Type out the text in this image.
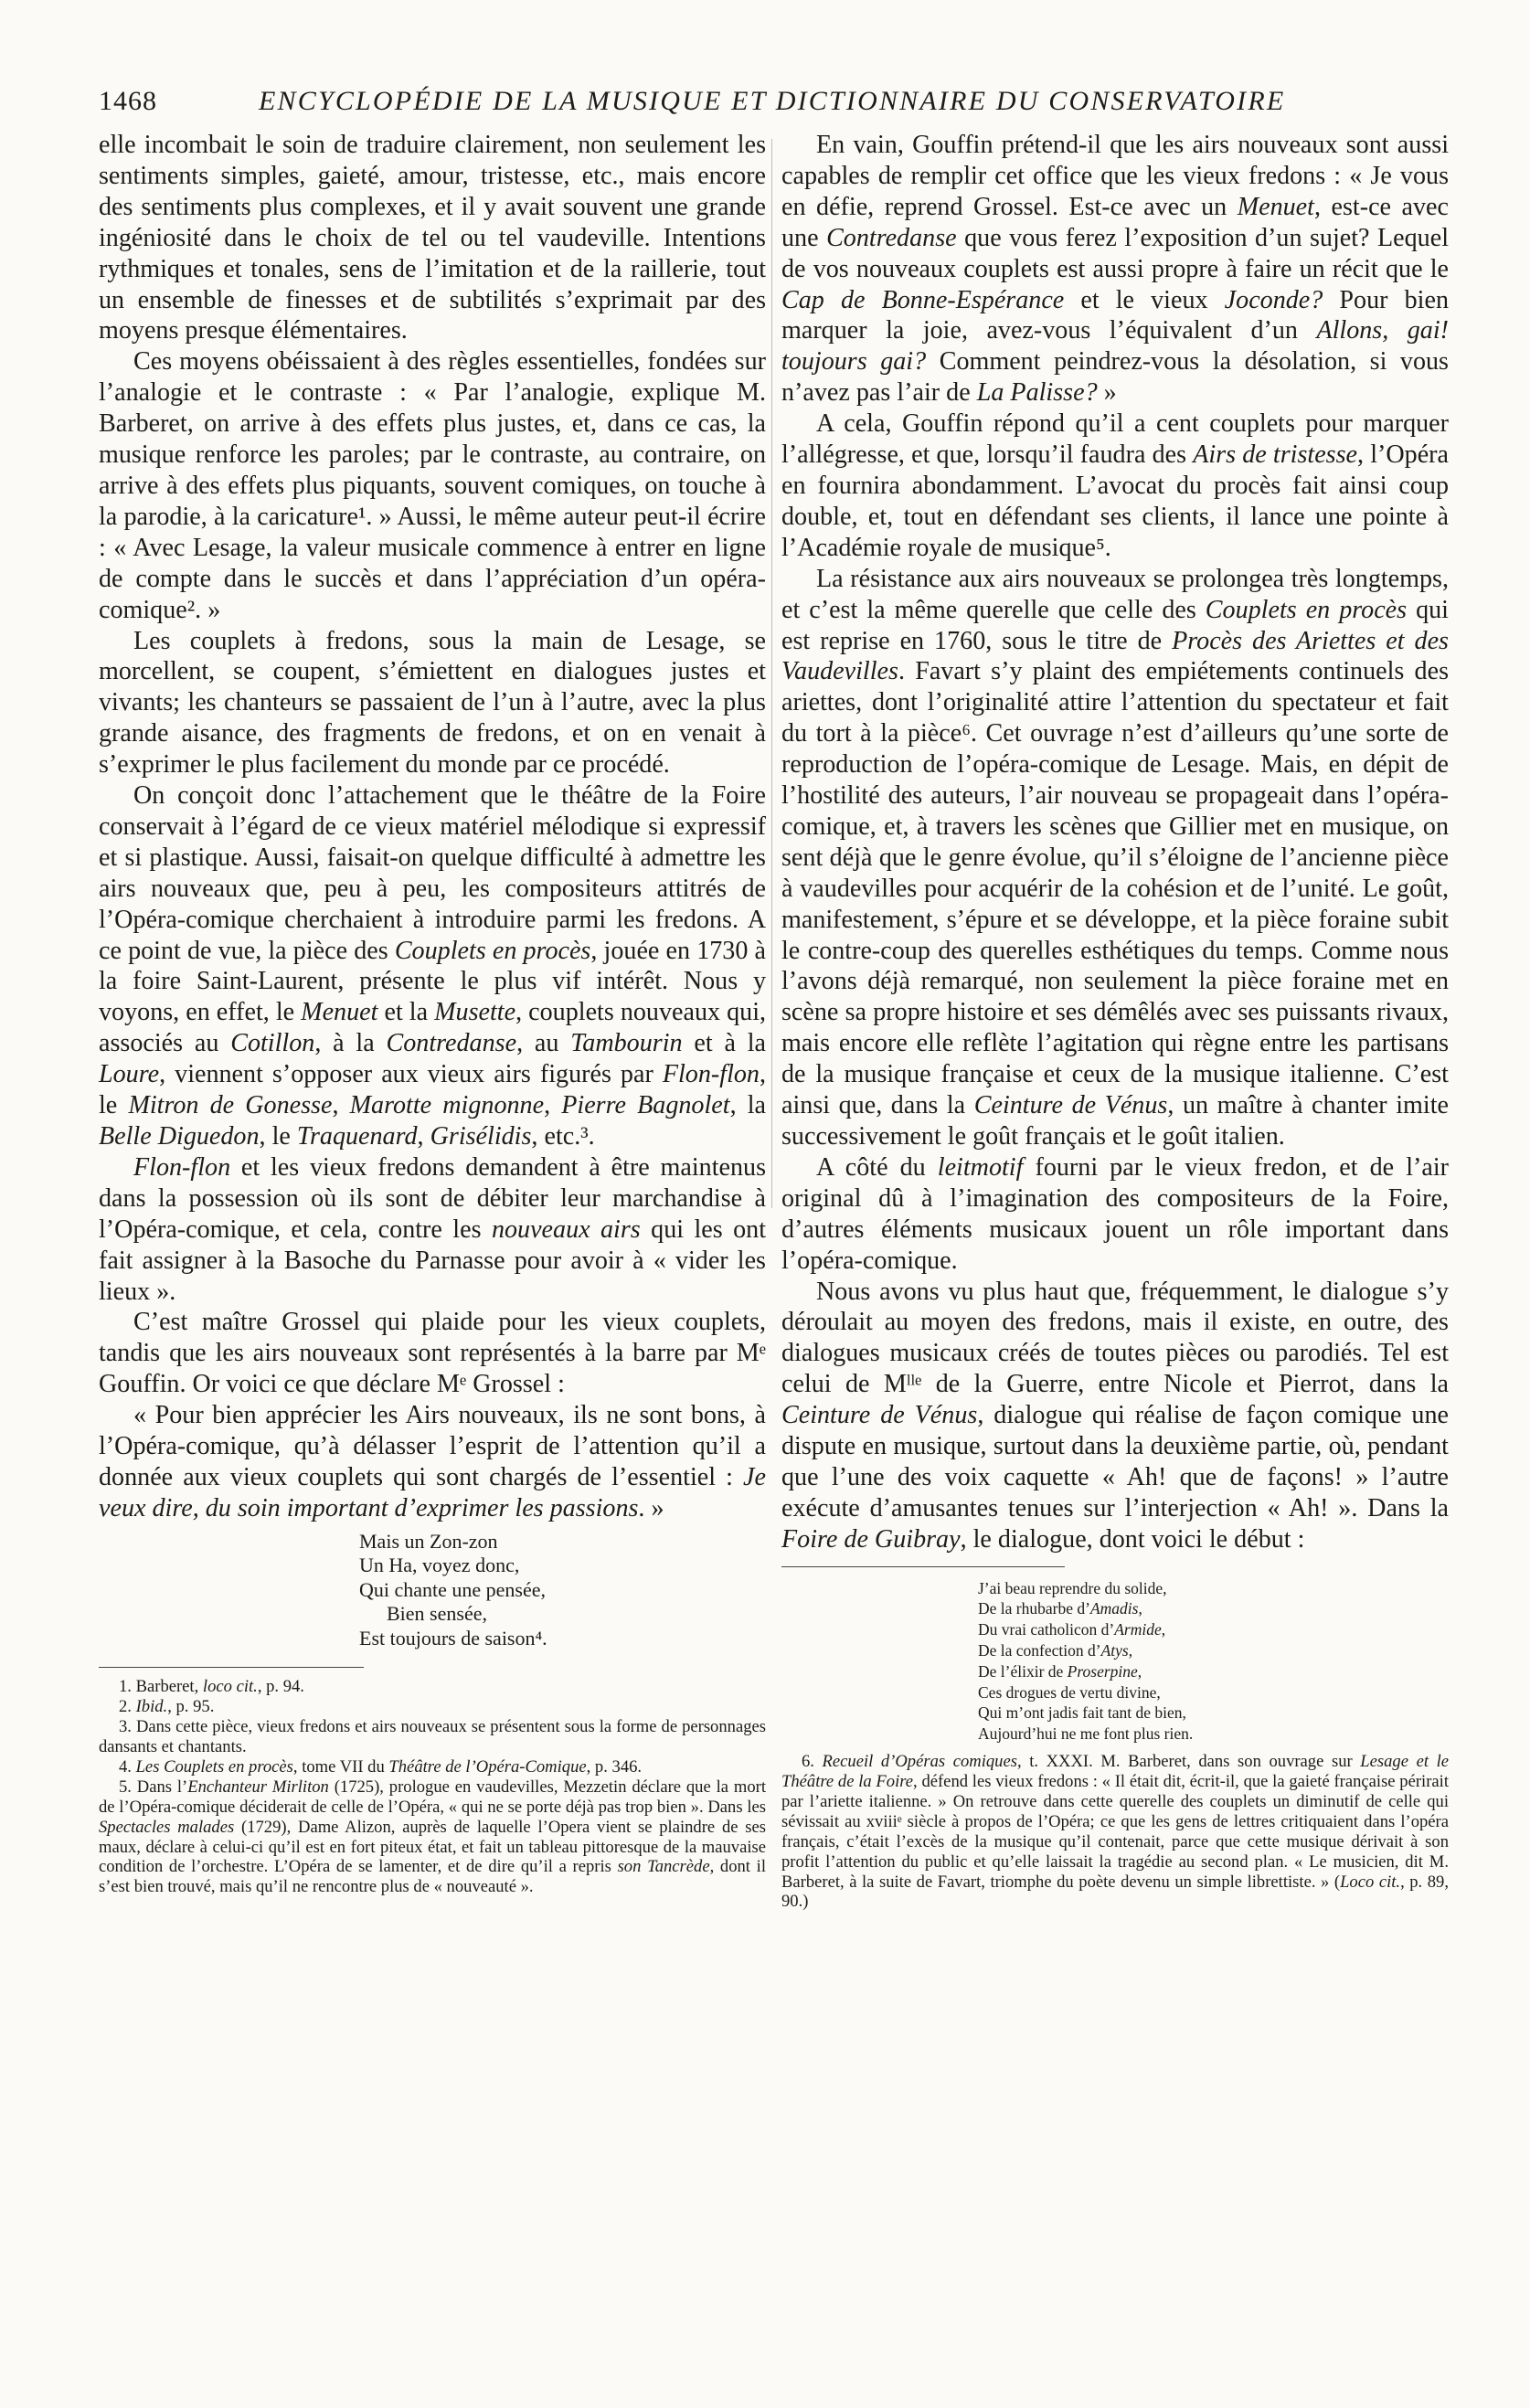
1468	ENCYCLOPÉDIE DE LA MUSIQUE ET DICTIONNAIRE DU CONSERVATOIRE

elle incombait le soin de traduire clairement, non seulement les sentiments simples, gaieté, amour, tristesse, etc., mais encore des sentiments plus complexes, et il y avait souvent une grande ingéniosité dans le choix de tel ou tel vaudeville. Intentions rythmiques et tonales, sens de l’imitation et de la raillerie, tout un ensemble de finesses et de subtilités s’exprimait par des moyens presque élémentaires.

Ces moyens obéissaient à des règles essentielles, fondées sur l’analogie et le contraste : « Par l’analogie, explique M. Barberet, on arrive à des effets plus justes, et, dans ce cas, la musique renforce les paroles; par le contraste, au contraire, on arrive à des effets plus piquants, souvent comiques, on touche à la parodie, à la caricature¹. » Aussi, le même auteur peut-il écrire : « Avec Lesage, la valeur musicale commence à entrer en ligne de compte dans le succès et dans l’appréciation d’un opéra-comique². »

Les couplets à fredons, sous la main de Lesage, se morcellent, se coupent, s’émiettent en dialogues justes et vivants; les chanteurs se passaient de l’un à l’autre, avec la plus grande aisance, des fragments de fredons, et on en venait à s’exprimer le plus facilement du monde par ce procédé.

On conçoit donc l’attachement que le théâtre de la Foire conservait à l’égard de ce vieux matériel mélodique si expressif et si plastique. Aussi, faisait-on quelque difficulté à admettre les airs nouveaux que, peu à peu, les compositeurs attitrés de l’Opéra-comique cherchaient à introduire parmi les fredons. A ce point de vue, la pièce des Couplets en procès, jouée en 1730 à la foire Saint-Laurent, présente le plus vif intérêt. Nous y voyons, en effet, le Menuet et la Musette, couplets nouveaux qui, associés au Cotillon, à la Contredanse, au Tambourin et à la Loure, viennent s’opposer aux vieux airs figurés par Flon-flon, le Mitron de Gonesse, Marotte mignonne, Pierre Bagnolet, la Belle Diguedon, le Traquenard, Grisélidis, etc.³.

Flon-flon et les vieux fredons demandent à être maintenus dans la possession où ils sont de débiter leur marchandise à l’Opéra-comique, et cela, contre les nouveaux airs qui les ont fait assigner à la Basoche du Parnasse pour avoir à « vider les lieux ».

C’est maître Grossel qui plaide pour les vieux couplets, tandis que les airs nouveaux sont représentés à la barre par Mᵉ Gouffin. Or voici ce que déclare Mᵉ Grossel :

« Pour bien apprécier les Airs nouveaux, ils ne sont bons, à l’Opéra-comique, qu’à délasser l’esprit de l’attention qu’il a donnée aux vieux couplets qui sont chargés de l’essentiel : Je veux dire, du soin important d’exprimer les passions. »

Mais un Zon-zon
Un Ha, voyez donc,
Qui chante une pensée,
Bien sensée,
Est toujours de saison⁴.

1. Barberet, loco cit., p. 94.

2. Ibid., p. 95.

3. Dans cette pièce, vieux fredons et airs nouveaux se présentent sous la forme de personnages dansants et chantants.

4. Les Couplets en procès, tome VII du Théâtre de l’Opéra-Comique, p. 346.

5. Dans l’Enchanteur Mirliton (1725), prologue en vaudevilles, Mezzetin déclare que la mort de l’Opéra-comique déciderait de celle de l’Opéra, « qui ne se porte déjà pas trop bien ». Dans les Spectacles malades (1729), Dame Alizon, auprès de laquelle l’Opera vient se plaindre de ses maux, déclare à celui-ci qu’il est en fort piteux état, et fait un tableau pittoresque de la mauvaise condition de l’orchestre. L’Opéra de se lamenter, et de dire qu’il a repris son Tancrède, dont il s’est bien trouvé, mais qu’il ne rencontre plus de « nouveauté ».

En vain, Gouffin prétend-il que les airs nouveaux sont aussi capables de remplir cet office que les vieux fredons : « Je vous en défie, reprend Grossel. Est-ce avec un Menuet, est-ce avec une Contredanse que vous ferez l’exposition d’un sujet? Lequel de vos nouveaux couplets est aussi propre à faire un récit que le Cap de Bonne-Espérance et le vieux Joconde? Pour bien marquer la joie, avez-vous l’équivalent d’un Allons, gai! toujours gai? Comment peindrez-vous la désolation, si vous n’avez pas l’air de La Palisse? »

A cela, Gouffin répond qu’il a cent couplets pour marquer l’allégresse, et que, lorsqu’il faudra des Airs de tristesse, l’Opéra en fournira abondamment. L’avocat du procès fait ainsi coup double, et, tout en défendant ses clients, il lance une pointe à l’Académie royale de musique⁵.

La résistance aux airs nouveaux se prolongea très longtemps, et c’est la même querelle que celle des Couplets en procès qui est reprise en 1760, sous le titre de Procès des Ariettes et des Vaudevilles. Favart s’y plaint des empiétements continuels des ariettes, dont l’originalité attire l’attention du spectateur et fait du tort à la pièce⁶. Cet ouvrage n’est d’ailleurs qu’une sorte de reproduction de l’opéra-comique de Lesage. Mais, en dépit de l’hostilité des auteurs, l’air nouveau se propageait dans l’opéra-comique, et, à travers les scènes que Gillier met en musique, on sent déjà que le genre évolue, qu’il s’éloigne de l’ancienne pièce à vaudevilles pour acquérir de la cohésion et de l’unité. Le goût, manifestement, s’épure et se développe, et la pièce foraine subit le contre-coup des querelles esthétiques du temps. Comme nous l’avons déjà remarqué, non seulement la pièce foraine met en scène sa propre histoire et ses démêlés avec ses puissants rivaux, mais encore elle reflète l’agitation qui règne entre les partisans de la musique française et ceux de la musique italienne. C’est ainsi que, dans la Ceinture de Vénus, un maître à chanter imite successivement le goût français et le goût italien.

A côté du leitmotif fourni par le vieux fredon, et de l’air original dû à l’imagination des compositeurs de la Foire, d’autres éléments musicaux jouent un rôle important dans l’opéra-comique.

Nous avons vu plus haut que, fréquemment, le dialogue s’y déroulait au moyen des fredons, mais il existe, en outre, des dialogues musicaux créés de toutes pièces ou parodiés. Tel est celui de Mˡˡᵉ de la Guerre, entre Nicole et Pierrot, dans la Ceinture de Vénus, dialogue qui réalise de façon comique une dispute en musique, surtout dans la deuxième partie, où, pendant que l’une des voix caquette « Ah! que de façons! » l’autre exécute d’amusantes tenues sur l’interjection « Ah! ». Dans la Foire de Guibray, le dialogue, dont voici le début :

J’ai beau reprendre du solide,
De la rhubarbe d’Amadis,
Du vrai catholicon d’Armide,
De la confection d’Atys,
De l’élixir de Proserpine,
Ces drogues de vertu divine,
Qui m’ont jadis fait tant de bien,
Aujourd’hui ne me font plus rien.

6. Recueil d’Opéras comiques, t. XXXI. M. Barberet, dans son ouvrage sur Lesage et le Théâtre de la Foire, défend les vieux fredons : « Il était dit, écrit-il, que la gaieté française périrait par l’ariette italienne. » On retrouve dans cette querelle des couplets un diminutif de celle qui sévissait au xviiiᵉ siècle à propos de l’Opéra; ce que les gens de lettres critiquaient dans l’opéra français, c’était l’excès de la musique qu’il contenait, parce que cette musique dérivait à son profit l’attention du public et qu’elle laissait la tragédie au second plan. « Le musicien, dit M. Barberet, à la suite de Favart, triomphe du poète devenu un simple librettiste. » (Loco cit., p. 89, 90.)
